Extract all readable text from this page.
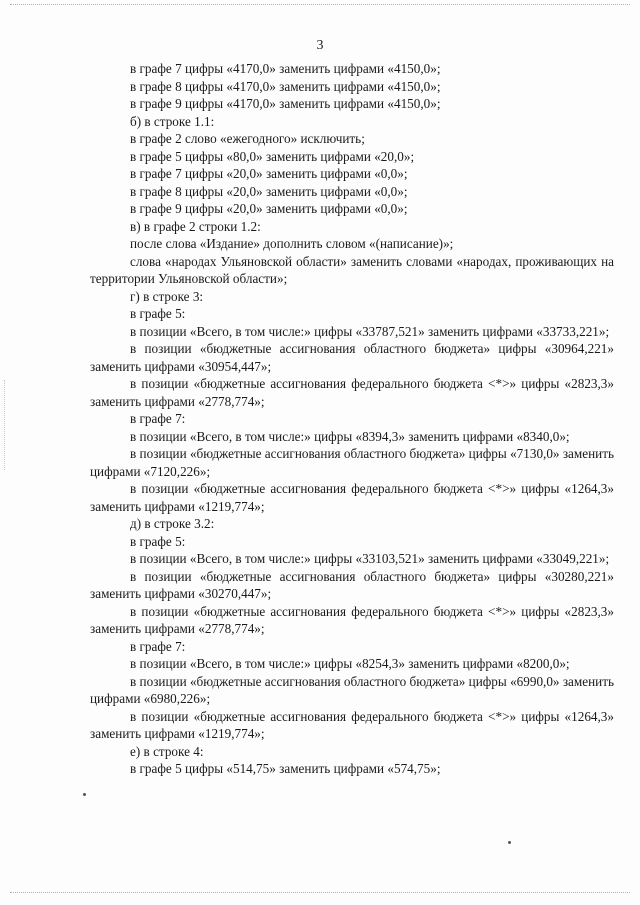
3

в графе 7 цифры «4170,0» заменить цифрами «4150,0»;

в графе 8 цифры «4170,0» заменить цифрами «4150,0»;

в графе 9 цифры «4170,0» заменить цифрами «4150,0»;

б) в строке 1.1:

в графе 2 слово «ежегодного» исключить;

в графе 5 цифры «80,0» заменить цифрами «20,0»;

в графе 7 цифры «20,0» заменить цифрами «0,0»;

в графе 8 цифры «20,0» заменить цифрами «0,0»;

в графе 9 цифры «20,0» заменить цифрами «0,0»;

в) в графе 2 строки 1.2:

после слова «Издание» дополнить словом «(написание)»;

слова «народах Ульяновской области» заменить словами «народах, проживающих на территории Ульяновской области»;

г) в строке 3:

в графе 5:

в позиции «Всего, в том числе:» цифры «33787,521» заменить цифрами «33733,221»;

в позиции «бюджетные ассигнования областного бюджета» цифры «30964,221» заменить цифрами «30954,447»;

в позиции «бюджетные ассигнования федерального бюджета <*>» цифры «2823,3» заменить цифрами «2778,774»;

в графе 7:

в позиции «Всего, в том числе:» цифры «8394,3» заменить цифрами «8340,0»;

в позиции «бюджетные ассигнования областного бюджета» цифры «7130,0» заменить цифрами «7120,226»;

в позиции «бюджетные ассигнования федерального бюджета <*>» цифры «1264,3» заменить цифрами «1219,774»;

д) в строке 3.2:

в графе 5:

в позиции «Всего, в том числе:» цифры «33103,521» заменить цифрами «33049,221»;

в позиции «бюджетные ассигнования областного бюджета» цифры «30280,221» заменить цифрами «30270,447»;

в позиции «бюджетные ассигнования федерального бюджета <*>» цифры «2823,3» заменить цифрами «2778,774»;

в графе 7:

в позиции «Всего, в том числе:» цифры «8254,3» заменить цифрами «8200,0»;

в позиции «бюджетные ассигнования областного бюджета» цифры «6990,0» заменить цифрами «6980,226»;

в позиции «бюджетные ассигнования федерального бюджета <*>» цифры «1264,3» заменить цифрами «1219,774»;

е) в строке 4:

в графе 5 цифры «514,75» заменить цифрами «574,75»;
